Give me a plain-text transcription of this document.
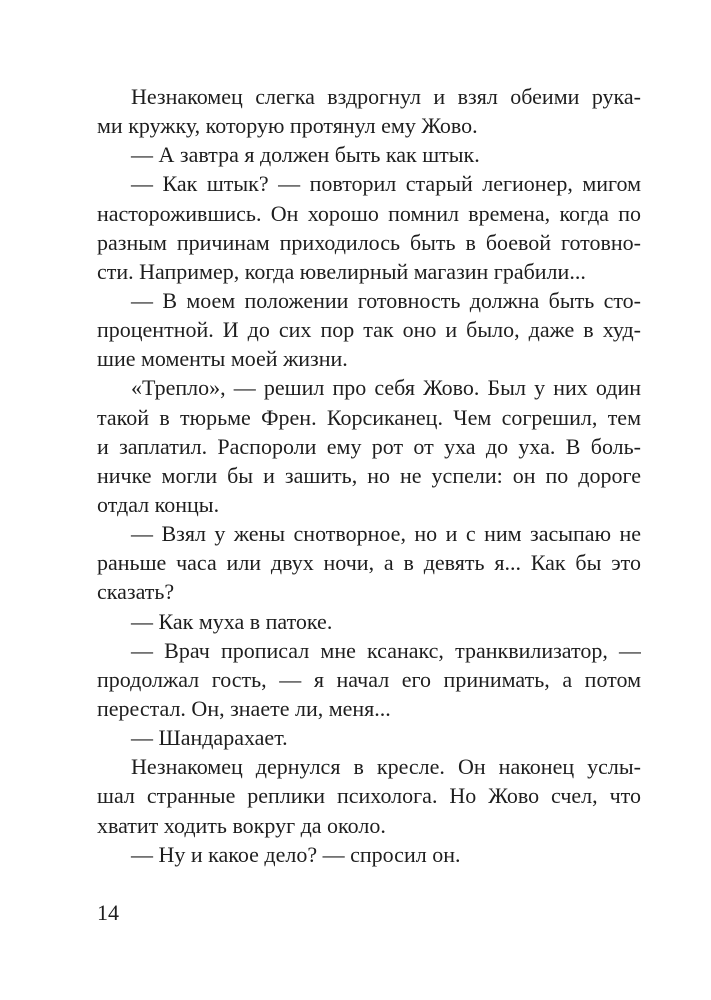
Незнакомец слегка вздрогнул и взял обеими рука-
ми кружку, которую протянул ему Жово.
— А завтра я должен быть как штык.
— Как штык? — повторил старый легионер, мигом
насторожившись. Он хорошо помнил времена, когда по
разным причинам приходилось быть в боевой готовно-
сти. Например, когда ювелирный магазин грабили...
— В моем положении готовность должна быть сто-
процентной. И до сих пор так оно и было, даже в худ-
шие моменты моей жизни.
«Трепло», — решил про себя Жово. Был у них один
такой в тюрьме Френ. Корсиканец. Чем согрешил, тем
и заплатил. Распороли ему рот от уха до уха. В боль-
ничке могли бы и зашить, но не успели: он по дороге
отдал концы.
— Взял у жены снотворное, но и с ним засыпаю не
раньше часа или двух ночи, а в девять я... Как бы это
сказать?
— Как муха в патоке.
— Врач прописал мне ксанакс, транквилизатор, —
продолжал гость, — я начал его принимать, а потом
перестал. Он, знаете ли, меня...
— Шандарахает.
Незнакомец дернулся в кресле. Он наконец услы-
шал странные реплики психолога. Но Жово счел, что
хватит ходить вокруг да около.
— Ну и какое дело? — спросил он.
14
